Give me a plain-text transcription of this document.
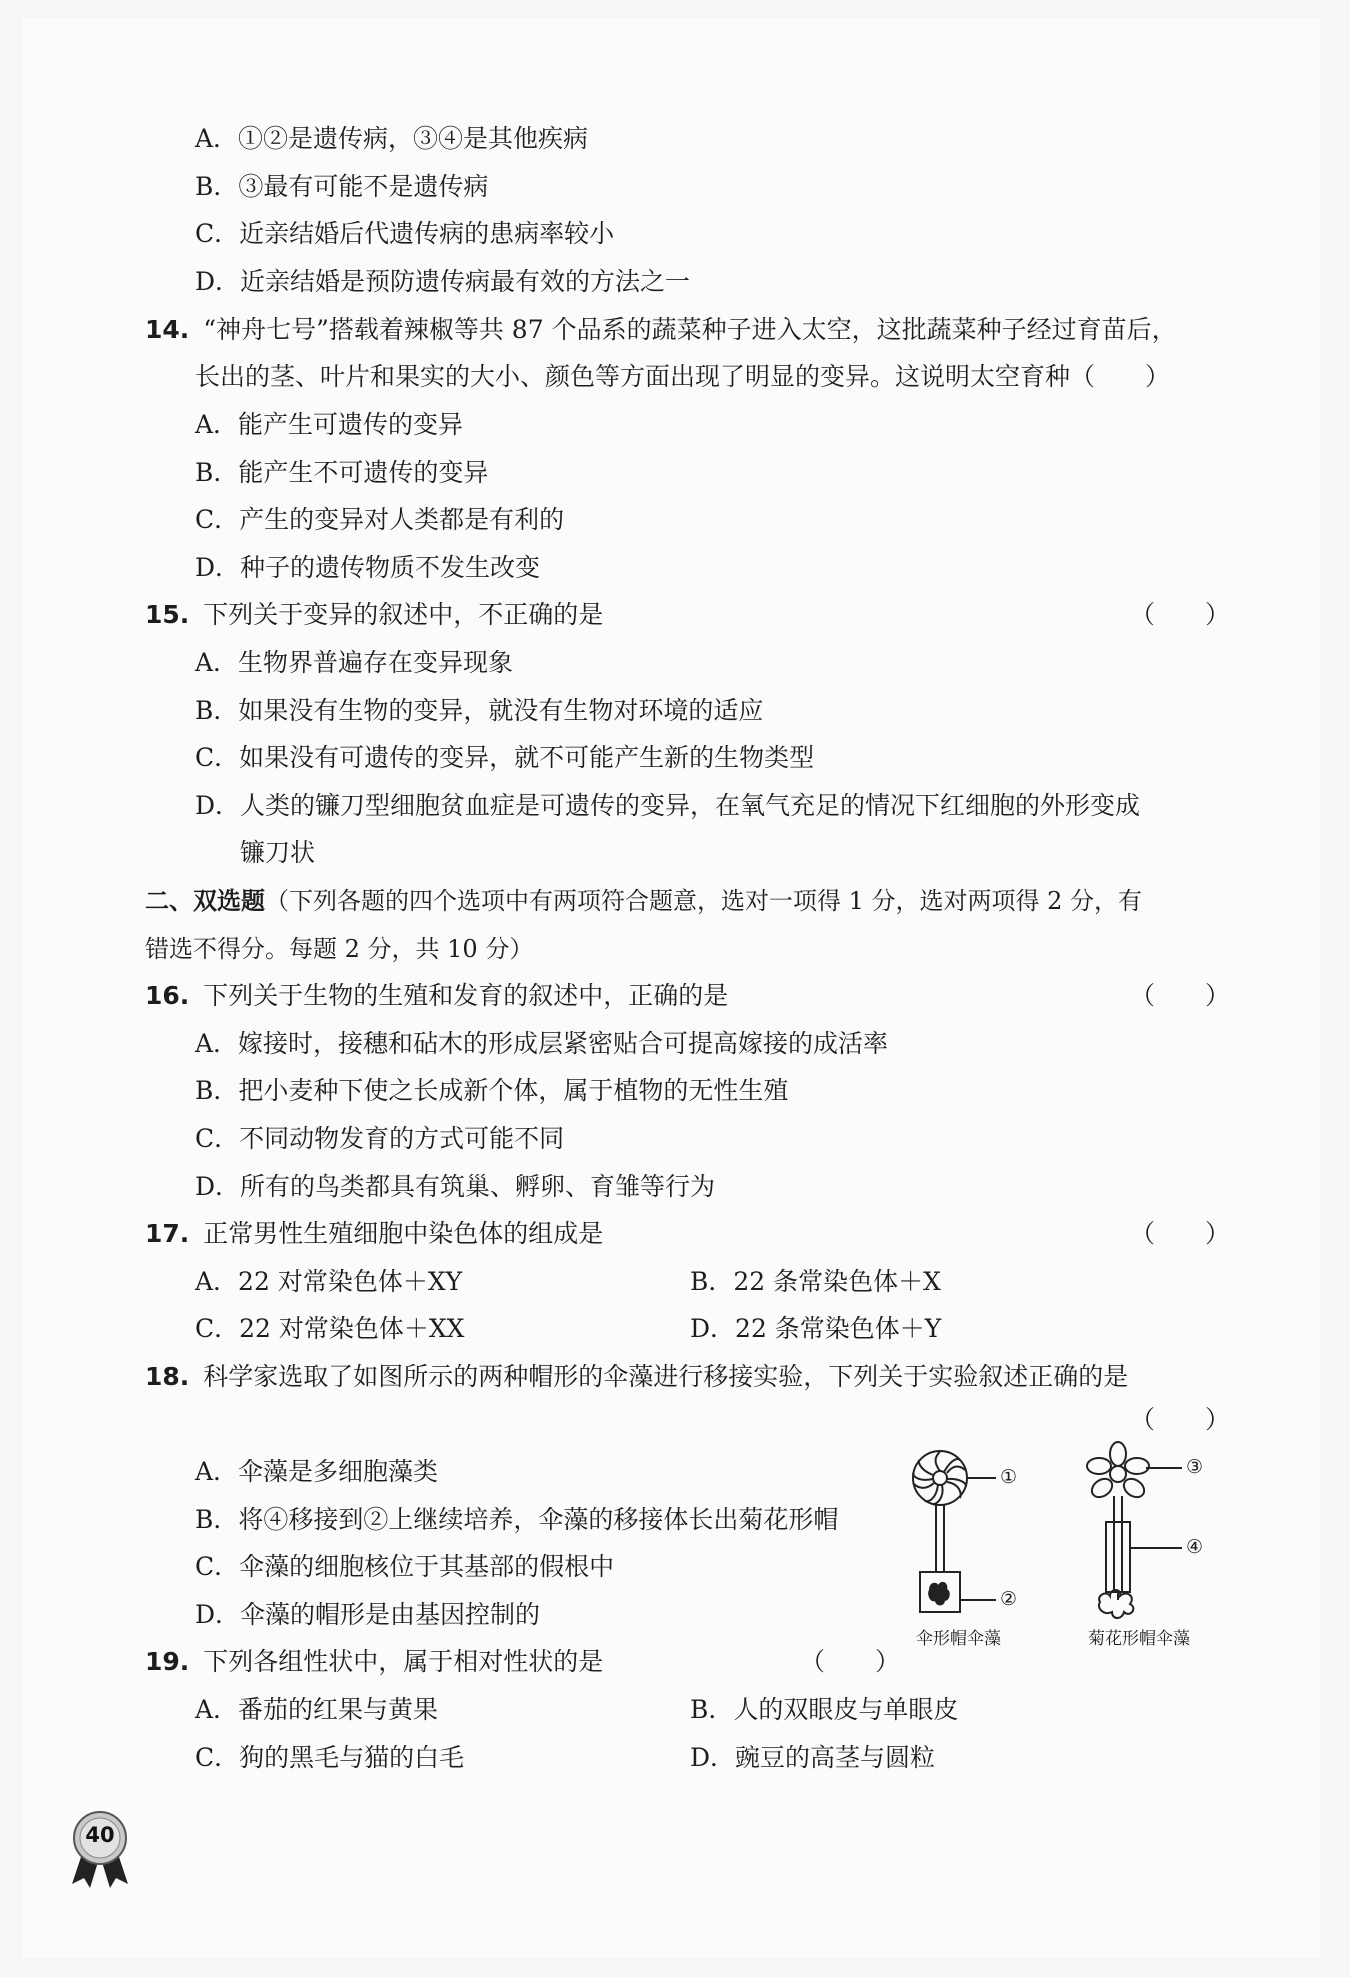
A．①②是遗传病，③④是其他疾病
B．③最有可能不是遗传病
C．近亲结婚后代遗传病的患病率较小
D．近亲结婚是预防遗传病最有效的方法之一
14. “神舟七号”搭载着辣椒等共 87 个品系的蔬菜种子进入太空，这批蔬菜种子经过育苗后，
长出的茎、叶片和果实的大小、颜色等方面出现了明显的变异。这说明太空育种（　　）
A．能产生可遗传的变异
B．能产生不可遗传的变异
C．产生的变异对人类都是有利的
D．种子的遗传物质不发生改变
15. 下列关于变异的叙述中，不正确的是	（　　）
A．生物界普遍存在变异现象
B．如果没有生物的变异，就没有生物对环境的适应
C．如果没有可遗传的变异，就不可能产生新的生物类型
D．人类的镰刀型细胞贫血症是可遗传的变异，在氧气充足的情况下红细胞的外形变成
镰刀状
二、双选题（下列各题的四个选项中有两项符合题意，选对一项得 1 分，选对两项得 2 分，有
错选不得分。每题 2 分，共 10 分）
16. 下列关于生物的生殖和发育的叙述中，正确的是	（　　）
A．嫁接时，接穗和砧木的形成层紧密贴合可提高嫁接的成活率
B．把小麦种下使之长成新个体，属于植物的无性生殖
C．不同动物发育的方式可能不同
D．所有的鸟类都具有筑巢、孵卵、育雏等行为
17. 正常男性生殖细胞中染色体的组成是	（　　）
A．22 对常染色体＋XY	B．22 条常染色体＋X
C．22 对常染色体＋XX	D．22 条常染色体＋Y
18. 科学家选取了如图所示的两种帽形的伞藻进行移接实验，下列关于实验叙述正确的是
（　　）
A．伞藻是多细胞藻类
B．将④移接到②上继续培养，伞藻的移接体长出菊花形帽
C．伞藻的细胞核位于其基部的假根中
D．伞藻的帽形是由基因控制的
①
②
③
④
伞形帽伞藻	菊花形帽伞藻
19. 下列各组性状中，属于相对性状的是	（　　）
A．番茄的红果与黄果	B．人的双眼皮与单眼皮
C．狗的黑毛与猫的白毛	D．豌豆的高茎与圆粒
40
